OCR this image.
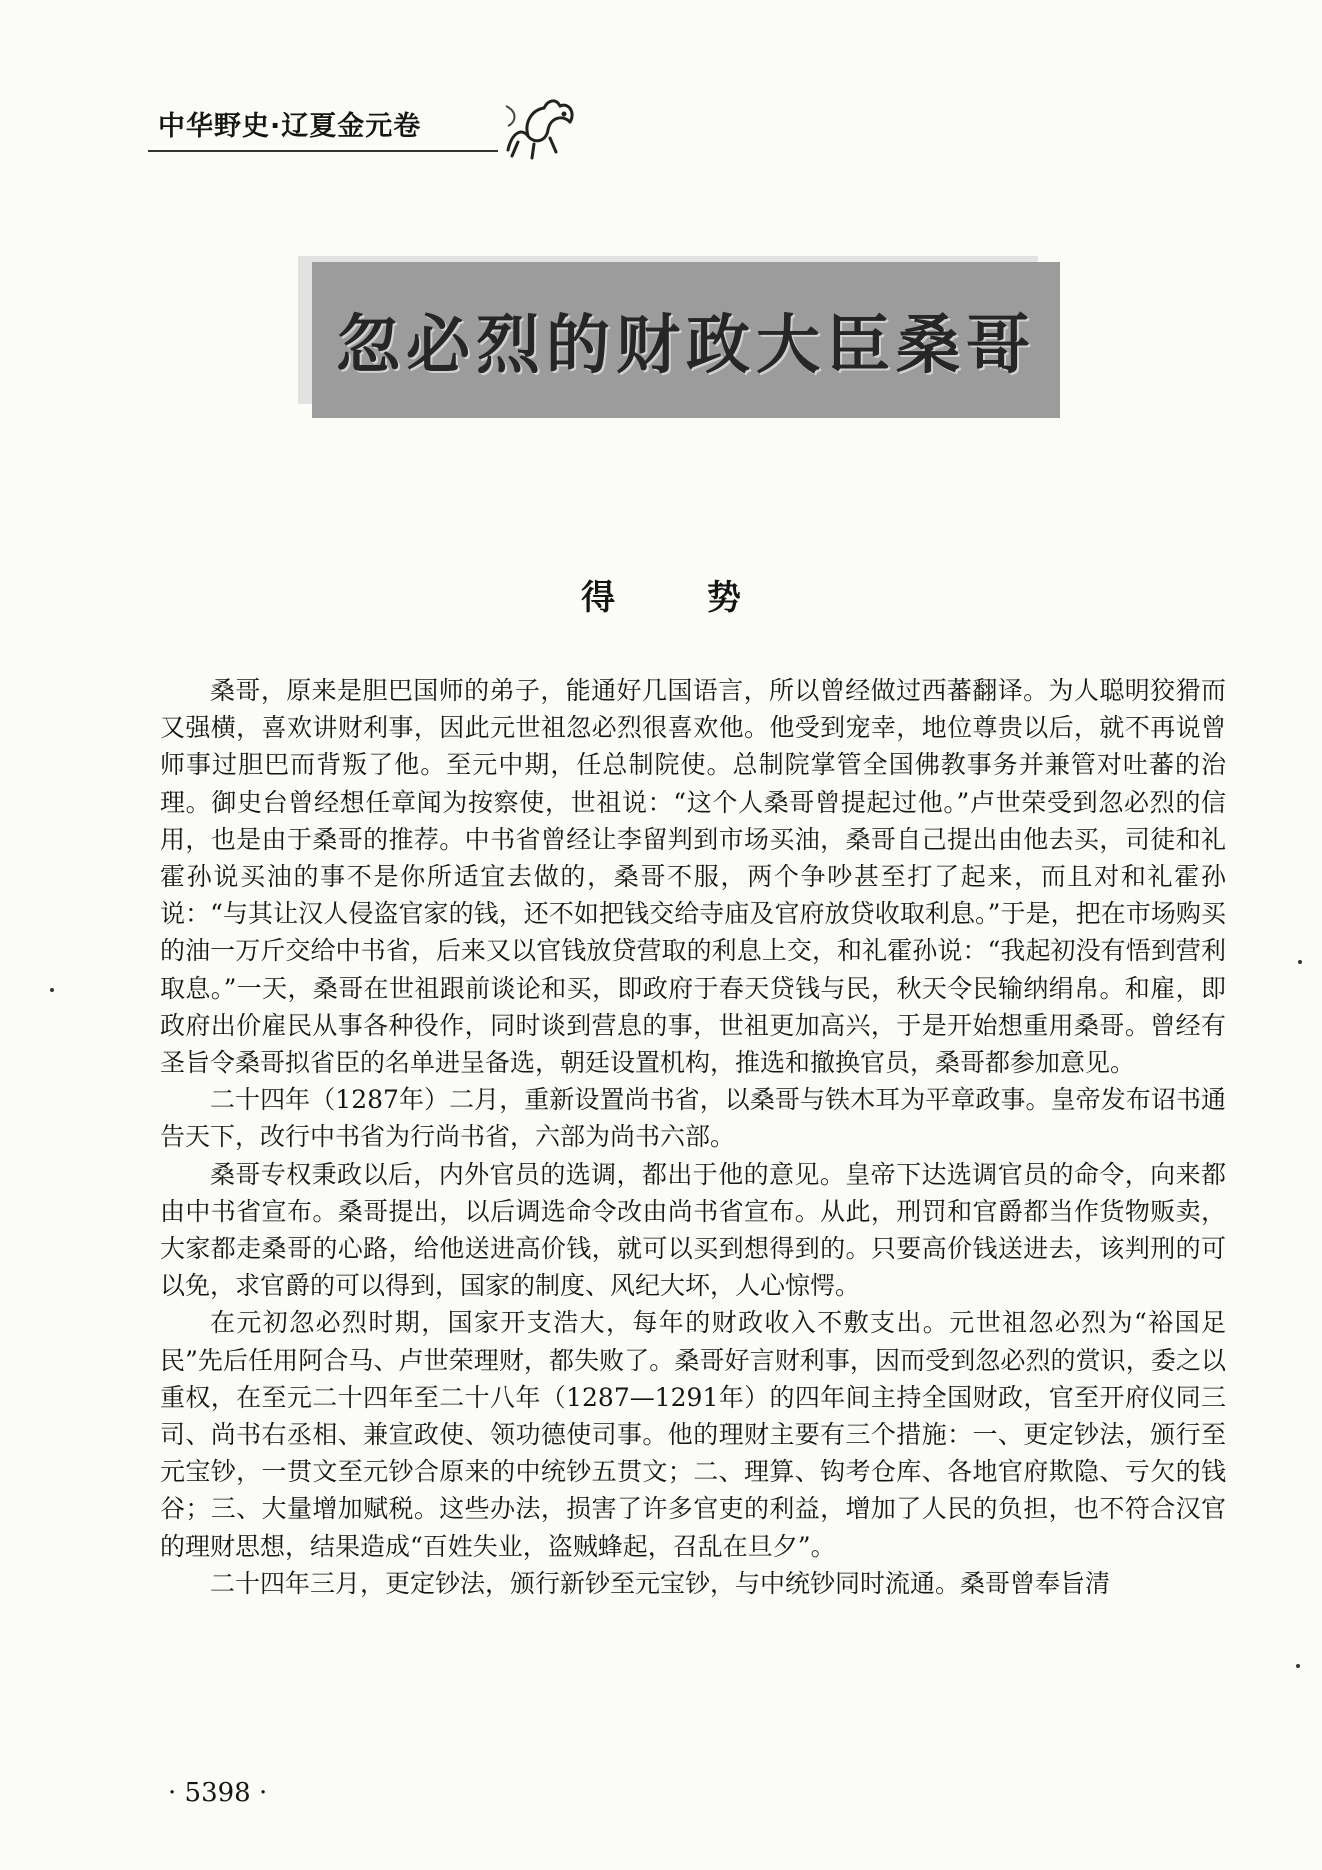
中华野史·辽夏金元卷
忽必烈的财政大臣桑哥
得 势

桑哥，原来是胆巴国师的弟子，能通好几国语言，所以曾经做过西蕃翻译。为人聪明狡猾而又强横，喜欢讲财利事，因此元世祖忽必烈很喜欢他。他受到宠幸，地位尊贵以后，就不再说曾师事过胆巴而背叛了他。至元中期，任总制院使。总制院掌管全国佛教事务并兼管对吐蕃的治理。御史台曾经想任章闻为按察使，世祖说：“这个人桑哥曾提起过他。”卢世荣受到忽必烈的信用，也是由于桑哥的推荐。中书省曾经让李留判到市场买油，桑哥自己提出由他去买，司徒和礼霍孙说买油的事不是你所适宜去做的，桑哥不服，两个争吵甚至打了起来，而且对和礼霍孙说：“与其让汉人侵盗官家的钱，还不如把钱交给寺庙及官府放贷收取利息。”于是，把在市场购买的油一万斤交给中书省，后来又以官钱放贷营取的利息上交，和礼霍孙说：“我起初没有悟到营利取息。”一天，桑哥在世祖跟前谈论和买，即政府于春天贷钱与民，秋天令民输纳绢帛。和雇，即政府出价雇民从事各种役作，同时谈到营息的事，世祖更加高兴，于是开始想重用桑哥。曾经有圣旨令桑哥拟省臣的名单进呈备选，朝廷设置机构，推选和撤换官员，桑哥都参加意见。

二十四年（1287年）二月，重新设置尚书省，以桑哥与铁木耳为平章政事。皇帝发布诏书通告天下，改行中书省为行尚书省，六部为尚书六部。

桑哥专权秉政以后，内外官员的选调，都出于他的意见。皇帝下达选调官员的命令，向来都由中书省宣布。桑哥提出，以后调选命令改由尚书省宣布。从此，刑罚和官爵都当作货物贩卖，大家都走桑哥的心路，给他送进高价钱，就可以买到想得到的。只要高价钱送进去，该判刑的可以免，求官爵的可以得到，国家的制度、风纪大坏，人心惊愕。

在元初忽必烈时期，国家开支浩大，每年的财政收入不敷支出。元世祖忽必烈为“裕国足民”先后任用阿合马、卢世荣理财，都失败了。桑哥好言财利事，因而受到忽必烈的赏识，委之以重权，在至元二十四年至二十八年（1287—1291年）的四年间主持全国财政，官至开府仪同三司、尚书右丞相、兼宣政使、领功德使司事。他的理财主要有三个措施：一、更定钞法，颁行至元宝钞，一贯文至元钞合原来的中统钞五贯文；二、理算、钩考仓库、各地官府欺隐、亏欠的钱谷；三、大量增加赋税。这些办法，损害了许多官吏的利益，增加了人民的负担，也不符合汉官的理财思想，结果造成“百姓失业，盗贼蜂起，召乱在旦夕”。

二十四年三月，更定钞法，颁行新钞至元宝钞，与中统钞同时流通。桑哥曾奉旨清

· 5398 ·
